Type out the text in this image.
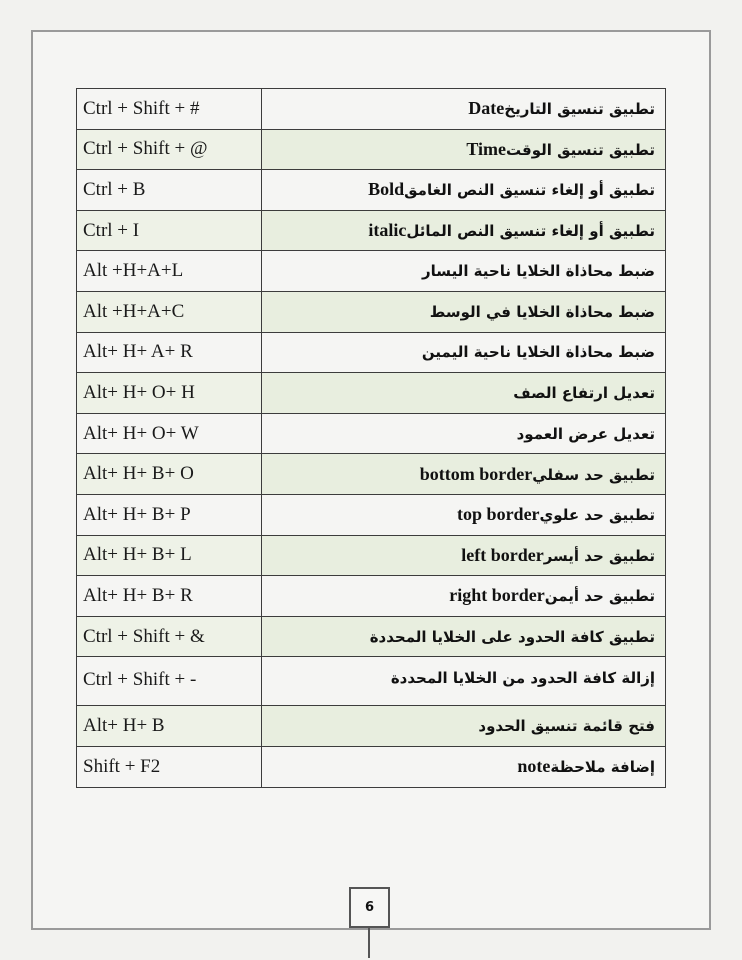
Ctrl + Shift + #	تطبيق تنسيق التاريخDate
Ctrl + Shift + @	تطبيق تنسيق الوقتTime
Ctrl + B	تطبيق أو إلغاء تنسيق النص الغامقBold
Ctrl + I	تطبيق أو إلغاء تنسيق النص المائلitalic
Alt +H+A+L	ضبط محاذاة الخلايا ناحية اليسار
Alt +H+A+C	ضبط محاذاة الخلايا في الوسط
Alt+ H+ A+ R	ضبط محاذاة الخلايا ناحية اليمين
Alt+ H+ O+ H	تعديل ارتفاع الصف
Alt+ H+ O+ W	تعديل عرض العمود
Alt+ H+ B+ O	تطبيق حد سفليbottom border
Alt+ H+ B+ P	تطبيق حد علويtop border
Alt+ H+ B+ L	تطبيق حد أيسرleft border
Alt+ H+ B+ R	تطبيق حد أيمنright border
Ctrl + Shift + &	تطبيق كافة الحدود على الخلايا المحددة
Ctrl + Shift + -	إزالة كافة الحدود من الخلايا المحددة
Alt+ H+ B	فتح قائمة تنسيق الحدود
Shift + F2	إضافة ملاحظةnote
6
